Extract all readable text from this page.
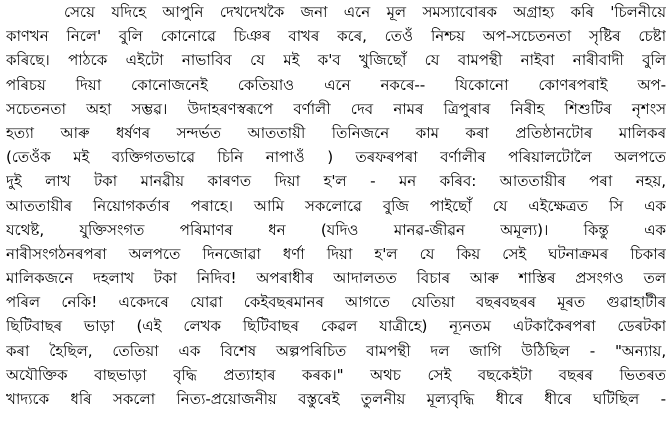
সেয়ে যদিহে আপুনি দেখদেখকৈ জনা এনে মূল সমস্যাবোৰক অগ্ৰাহ্য কৰি 'চিলনীয়ে
কাণখন নিলে' বুলি কোনোৱে চিঞৰ বাখৰ কৰে, তেওঁ নিশ্চয় অপ-সচেতনতা সৃষ্টিৰ চেষ্টা
কৰিছে। পাঠকে এইটো নাভাবিব যে মই ক'ব খুজিছোঁ যে বামপন্থী নাইবা নাৰীবাদী বুলি
পৰিচয় দিয়া কোনোজনেই কেতিয়াও এনে নকৰে-- যিকোনো কোণৰপৰাই অপ-
সচেতনতা অহা সম্ভৱ। উদাহৰণস্বৰূপে বৰ্ণালী দেব নামৰ ত্ৰিপুৰাৰ নিৰীহ শিশুটিৰ নৃশংস
হত্যা আৰু ধৰ্ষণৰ সন্দৰ্ভত আততায়ী তিনিজনে কাম কৰা প্ৰতিষ্ঠানটোৰ মালিকৰ
(তেওঁক মই ব্যক্তিগতভাৱে চিনি নাপাওঁ ) তৰফৰপৰা বৰ্ণালীৰ পৰিয়ালটোলৈ অলপতে
দুই লাখ টকা মানৱীয় কাৰণত দিয়া হ'ল - মন কৰিব: আততায়ীৰ পৰা নহয়,
আততায়ীৰ নিয়োগকৰ্তাৰ পৰাহে। আমি সকলোৱে বুজি পাইছোঁ যে এইক্ষেত্ৰত সি এক
যথেষ্ট, যুক্তিসংগত পৰিমাণৰ ধন (যদিও মানৱ-জীৱন অমূল্য)। কিন্তু এক
নাৰীসংগঠনৰপৰা অলপতে দিনজোৱা ধৰ্ণা দিয়া হ'ল যে কিয় সেই ঘটনাক্ৰমৰ চিকাৰ
মালিকজনে দহলাখ টকা নিদিব! অপৰাধীৰ আদালতত বিচাৰ আৰু শাস্তিৰ প্ৰসংগও তল
পৰিল নেকি! একেদৰে যোৱা কেইবছৰমানৰ আগতে যেতিয়া বছৰবছৰৰ মূৰত গুৱাহাটীৰ
ছিটিবাছৰ ভাড়া (এই লেখক ছিটিবাছৰ কেৱল যাত্ৰীহে) ন্যূনতম এটকাকৈৰপৰা ডেৰটকা
কৰা হৈছিল, তেতিয়া এক বিশেষ অল্পপৰিচিত বামপন্থী দল জাগি উঠিছিল - "অন্যায়,
অযৌক্তিক বাছভাড়া বৃদ্ধি প্ৰত্যাহাৰ কৰক।" অথচ সেই বছকেইটা বছৰৰ ভিতৰত
খাদ্যকে ধৰি সকলো নিত্য-প্ৰয়োজনীয় বস্তুৰেই তুলনীয় মূল্যবৃদ্ধি ধীৰে ধীৰে ঘটিছিল -
